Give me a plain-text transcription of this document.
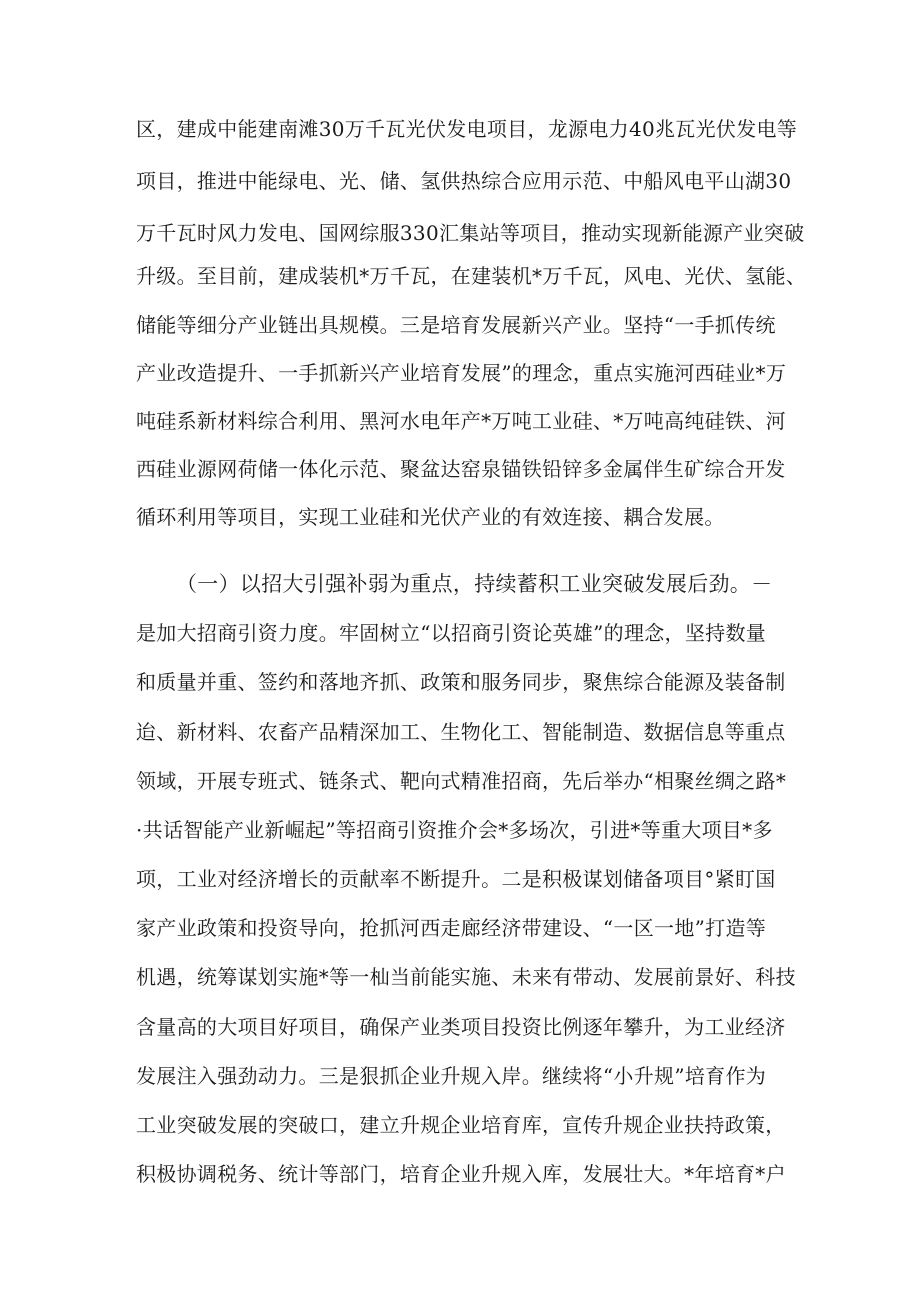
区，建成中能建南滩30万千瓦光伏发电项目，龙源电力40兆瓦光伏发电等
项目，推进中能绿电、光、储、氢供热综合应用示范、中船风电平山湖30
万千瓦时风力发电、国网综服330汇集站等项目，推动实现新能源产业突破
升级。至目前，建成装机*万千瓦，在建装机*万千瓦，风电、光伏、氢能、
储能等细分产业链出具规模。三是培育发展新兴产业。坚持“一手抓传统
产业改造提升、一手抓新兴产业培育发展”的理念，重点实施河西硅业*万
吨硅系新材料综合利用、黑河水电年产*万吨工业硅、*万吨高纯硅铁、河
西硅业源网荷储一体化示范、聚盆达窑泉锚铁铅锌多金属伴生矿综合开发
循环利用等项目，实现工业硅和光伏产业的有效连接、耦合发展。
（一）以招大引强补弱为重点，持续蓄积工业突破发展后劲。－
是加大招商引资力度。牢固树立“以招商引资论英雄”的理念，坚持数量
和质量并重、签约和落地齐抓、政策和服务同步，聚焦综合能源及装备制
迨、新材料、农畜产品精深加工、生物化工、智能制造、数据信息等重点
领域，开展专班式、链条式、靶向式精准招商，先后举办“相聚丝绸之路*
·共话智能产业新崛起”等招商引资推介会*多场次，引进*等重大项目*多
项，工业对经济增长的贡献率不断提升。二是积极谋划储备项目°紧盯国
家产业政策和投资导向，抢抓河西走廊经济带建设、“一区一地”打造等
机遇，统筹谋划实施*等一杣当前能实施、未来有带动、发展前景好、科技
含量高的大项目好项目，确保产业类项目投资比例逐年攀升，为工业经济
发展注入强劲动力。三是狠抓企业升规入岸。继续将“小升规”培育作为
工业突破发展的突破口，建立升规企业培育库，宣传升规企业扶持政策，
积极协调税务、统计等部门，培育企业升规入库，发展壮大。*年培育*户
